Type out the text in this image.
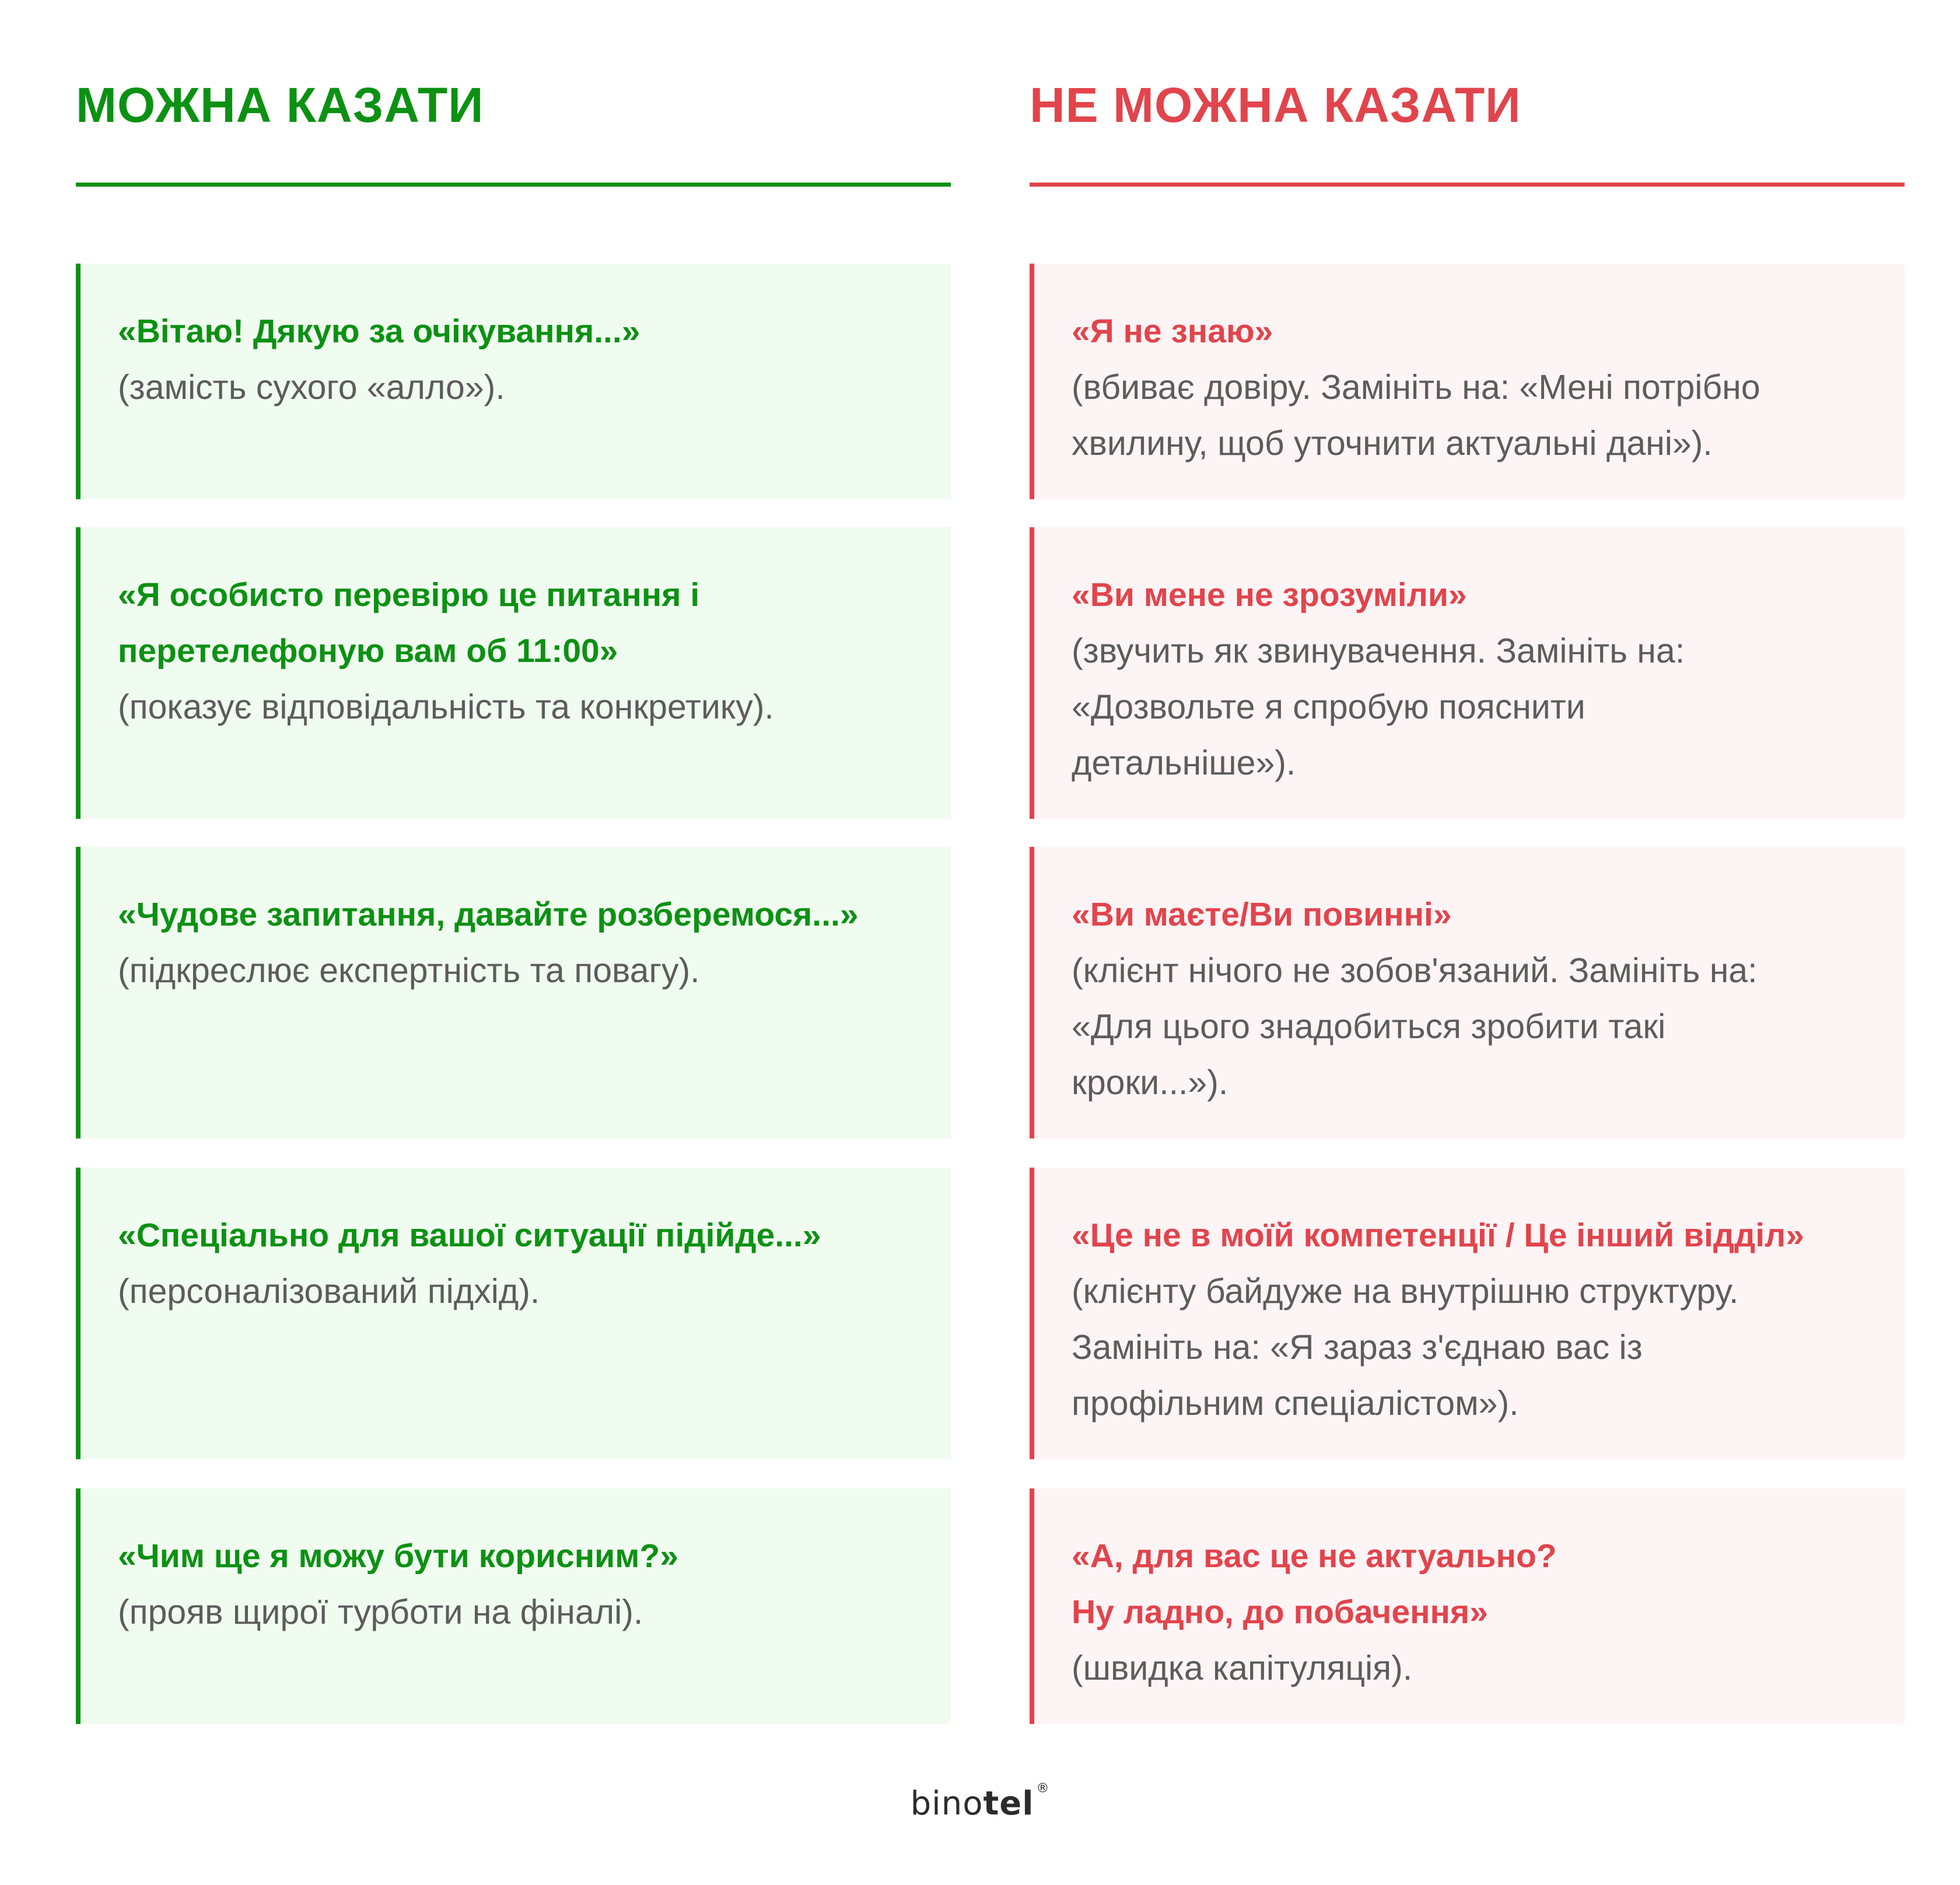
МОЖНА КАЗАТИ

«Вітаю! Дякую за очікування...»

(замість сухого «алло»).

«Я особисто перевірю це питання і
перетелефоную вам об 11:00»

(показує відповідальність та конкретику).

«Чудове запитання, давайте розберемося...»

(підкреслює експертність та повагу).

«Спеціально для вашої ситуації підійде...»

(персоналізований підхід).

«Чим ще я можу бути корисним?»

(прояв щирої турботи на фіналі).

НЕ МОЖНА КАЗАТИ

«Я не знаю»

(вбиває довіру. Замініть на: «Мені потрібно
хвилину, щоб уточнити актуальні дані»).

«Ви мене не зрозуміли»

(звучить як звинувачення. Замініть на:
«Дозвольте я спробую пояснити
детальніше»).

«Ви маєте/Ви повинні»

(клієнт нічого не зобов'язаний. Замініть на:
«Для цього знадобиться зробити такі
кроки...»).

«Це не в моїй компетенції / Це інший відділ»

(клієнту байдуже на внутрішню структуру.
Замініть на: «Я зараз з'єднаю вас із
профільним спеціалістом»).

«А, для вас це не актуально?
Ну ладно, до побачення»

(швидка капітуляція).

binotel ®
